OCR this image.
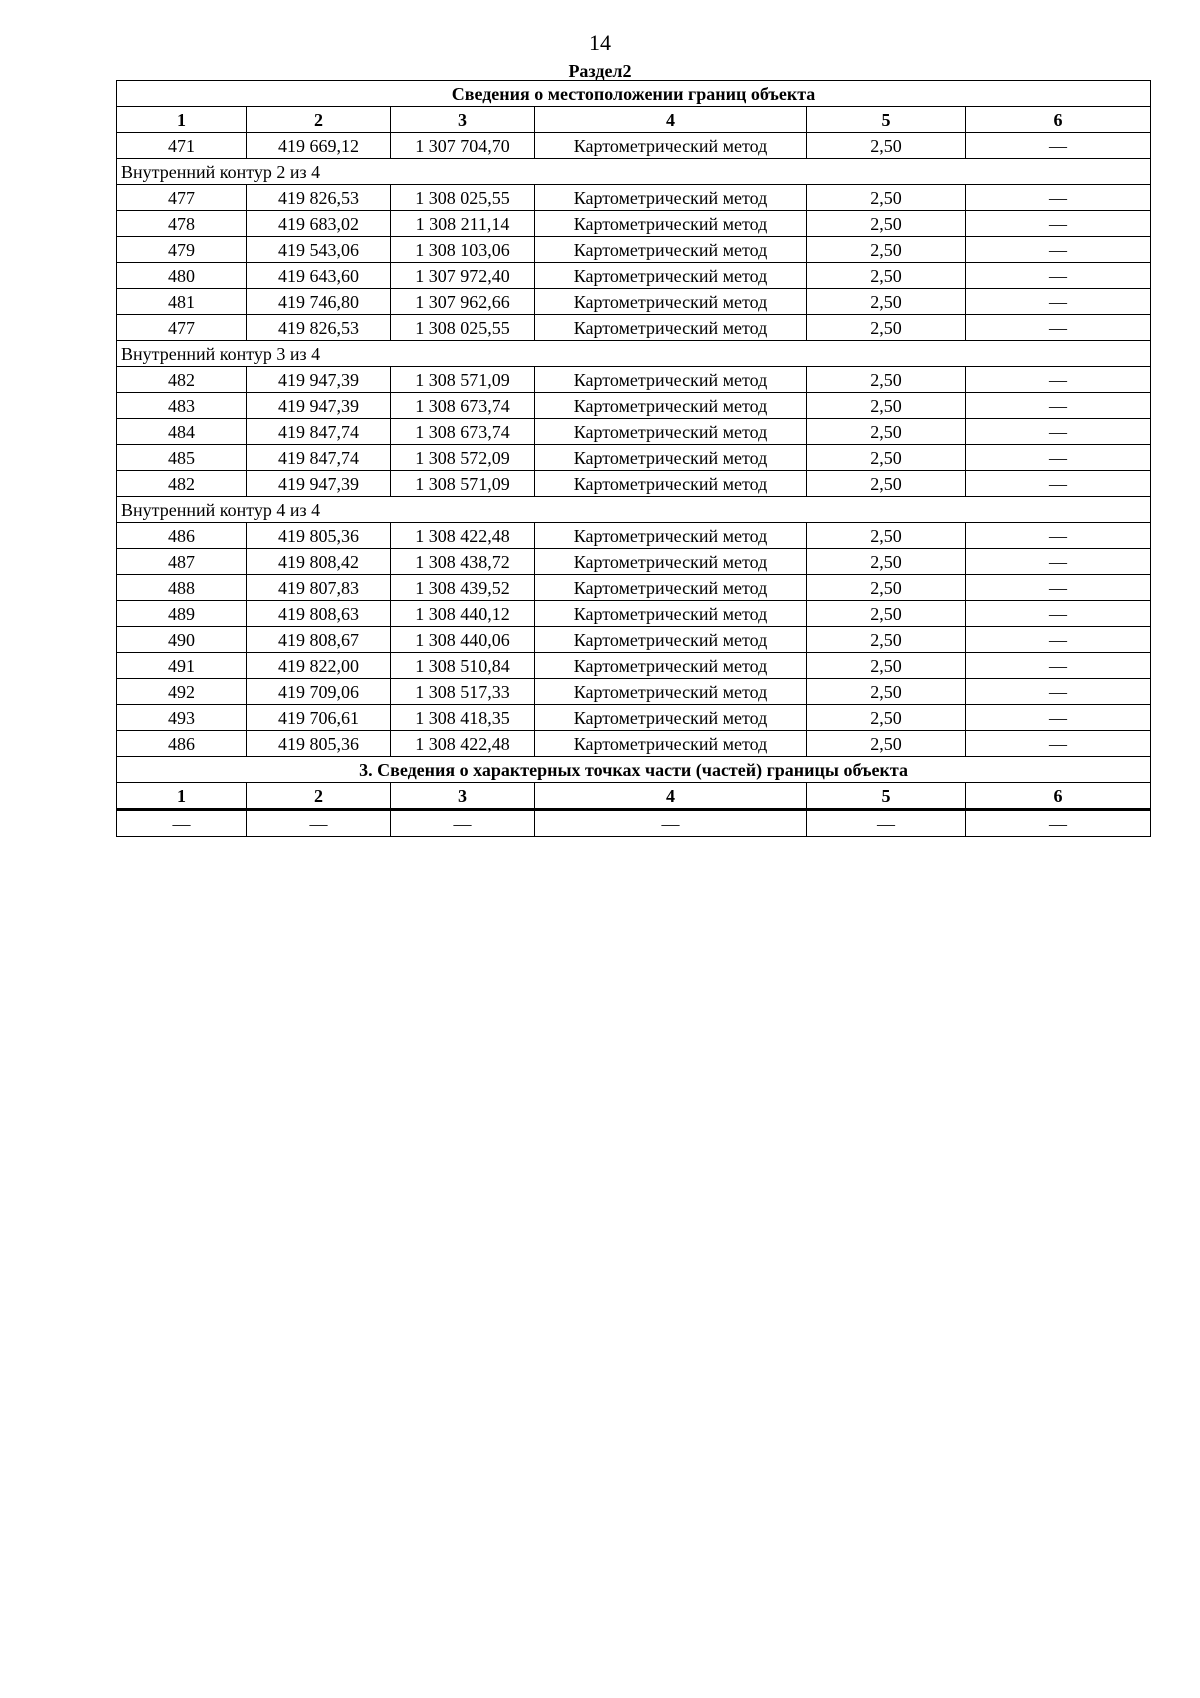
14
Раздел2
Сведения о местоположении границ объекта					
1	2	3	4	5	6
471	419 669,12	1 307 704,70	Картометрический метод	2,50	—
Внутренний контур 2 из 4					
477	419 826,53	1 308 025,55	Картометрический метод	2,50	—
478	419 683,02	1 308 211,14	Картометрический метод	2,50	—
479	419 543,06	1 308 103,06	Картометрический метод	2,50	—
480	419 643,60	1 307 972,40	Картометрический метод	2,50	—
481	419 746,80	1 307 962,66	Картометрический метод	2,50	—
477	419 826,53	1 308 025,55	Картометрический метод	2,50	—
Внутренний контур 3 из 4					
482	419 947,39	1 308 571,09	Картометрический метод	2,50	—
483	419 947,39	1 308 673,74	Картометрический метод	2,50	—
484	419 847,74	1 308 673,74	Картометрический метод	2,50	—
485	419 847,74	1 308 572,09	Картометрический метод	2,50	—
482	419 947,39	1 308 571,09	Картометрический метод	2,50	—
Внутренний контур 4 из 4					
486	419 805,36	1 308 422,48	Картометрический метод	2,50	—
487	419 808,42	1 308 438,72	Картометрический метод	2,50	—
488	419 807,83	1 308 439,52	Картометрический метод	2,50	—
489	419 808,63	1 308 440,12	Картометрический метод	2,50	—
490	419 808,67	1 308 440,06	Картометрический метод	2,50	—
491	419 822,00	1 308 510,84	Картометрический метод	2,50	—
492	419 709,06	1 308 517,33	Картометрический метод	2,50	—
493	419 706,61	1 308 418,35	Картометрический метод	2,50	—
486	419 805,36	1 308 422,48	Картометрический метод	2,50	—
3. Сведения о характерных точках части (частей) границы объекта					
1	2	3	4	5	6
—	—	—	—	—	—
